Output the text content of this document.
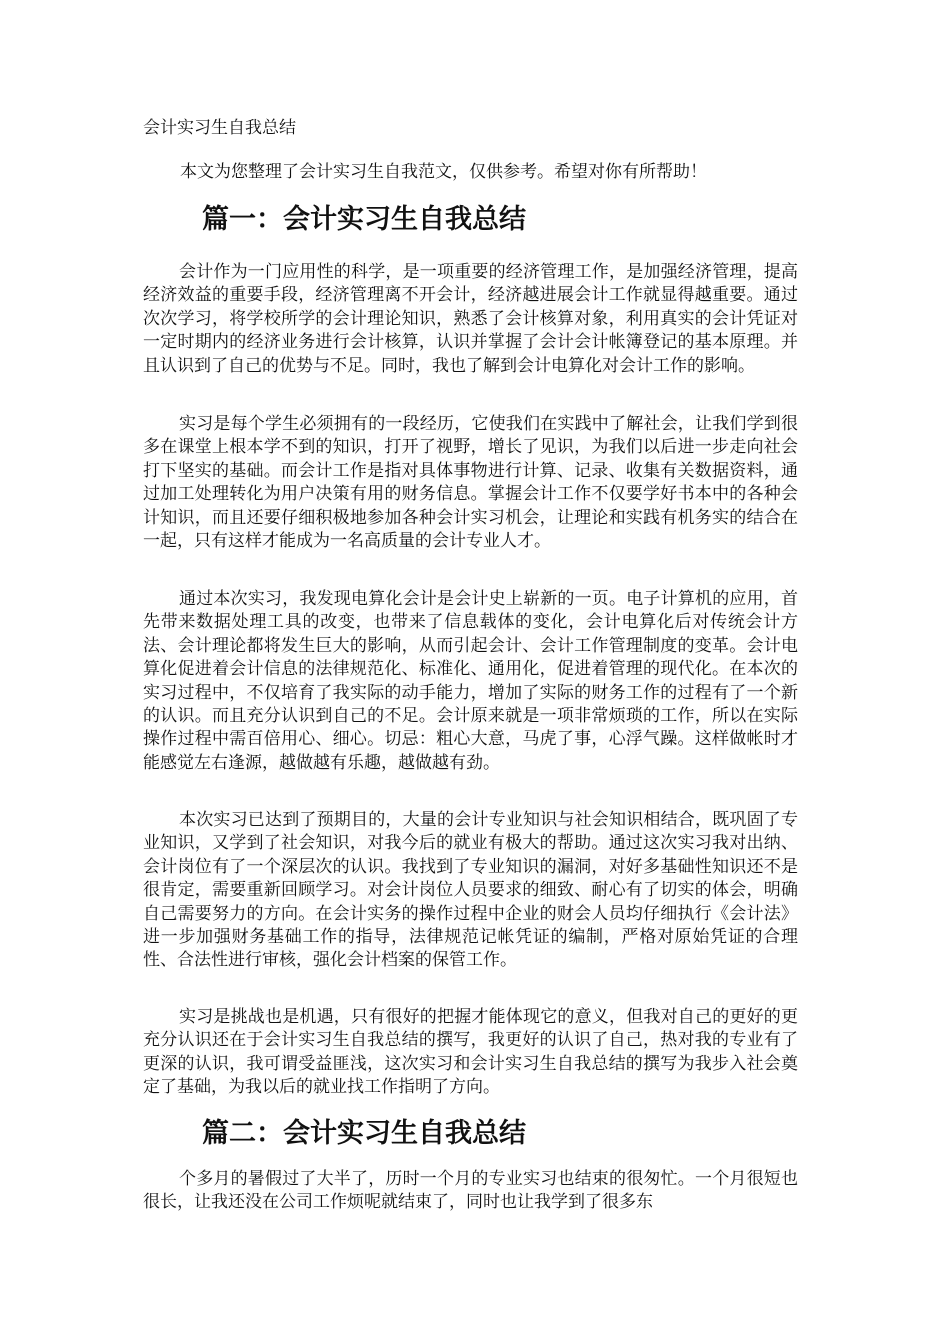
会计实习生自我总结
本文为您整理了会计实习生自我范文，仅供参考。希望对你有所帮助！
篇一：会计实习生自我总结

会计作为一门应用性的科学，是一项重要的经济管理工作，是加强经济管理，提高经济效益的重要手段，经济管理离不开会计，经济越进展会计工作就显得越重要。通过次次学习，将学校所学的会计理论知识，熟悉了会计核算对象，利用真实的会计凭证对一定时期内的经济业务进行会计核算，认识并掌握了会计会计帐簿登记的基本原理。并且认识到了自己的优势与不足。同时，我也了解到会计电算化对会计工作的影响。

实习是每个学生必须拥有的一段经历，它使我们在实践中了解社会，让我们学到很多在课堂上根本学不到的知识，打开了视野，增长了见识，为我们以后进一步走向社会打下坚实的基础。而会计工作是指对具体事物进行计算、记录、收集有关数据资料，通过加工处理转化为用户决策有用的财务信息。掌握会计工作不仅要学好书本中的各种会计知识，而且还要仔细积极地参加各种会计实习机会，让理论和实践有机务实的结合在一起，只有这样才能成为一名高质量的会计专业人才。

通过本次实习，我发现电算化会计是会计史上崭新的一页。电子计算机的应用，首先带来数据处理工具的改变，也带来了信息载体的变化，会计电算化后对传统会计方法、会计理论都将发生巨大的影响，从而引起会计、会计工作管理制度的变革。会计电算化促进着会计信息的法律规范化、标准化、通用化，促进着管理的现代化。在本次的实习过程中，不仅培育了我实际的动手能力，增加了实际的财务工作的过程有了一个新的认识。而且充分认识到自己的不足。会计原来就是一项非常烦琐的工作，所以在实际操作过程中需百倍用心、细心。切忌：粗心大意，马虎了事，心浮气躁。这样做帐时才能感觉左右逢源，越做越有乐趣，越做越有劲。

本次实习已达到了预期目的，大量的会计专业知识与社会知识相结合，既巩固了专业知识，又学到了社会知识，对我今后的就业有极大的帮助。通过这次实习我对出纳、会计岗位有了一个深层次的认识。我找到了专业知识的漏洞，对好多基础性知识还不是很肯定，需要重新回顾学习。对会计岗位人员要求的细致、耐心有了切实的体会，明确自己需要努力的方向。在会计实务的操作过程中企业的财会人员均仔细执行《会计法》进一步加强财务基础工作的指导，法律规范记帐凭证的编制，严格对原始凭证的合理性、合法性进行审核，强化会计档案的保管工作。

实习是挑战也是机遇，只有很好的把握才能体现它的意义，但我对自己的更好的更充分认识还在于会计实习生自我总结的撰写，我更好的认识了自己，热对我的专业有了更深的认识，我可谓受益匪浅，这次实习和会计实习生自我总结的撰写为我步入社会奠定了基础，为我以后的就业找工作指明了方向。

篇二：会计实习生自我总结

个多月的暑假过了大半了，历时一个月的专业实习也结束的很匆忙。一个月很短也很长，让我还没在公司工作烦呢就结束了，同时也让我学到了很多东
